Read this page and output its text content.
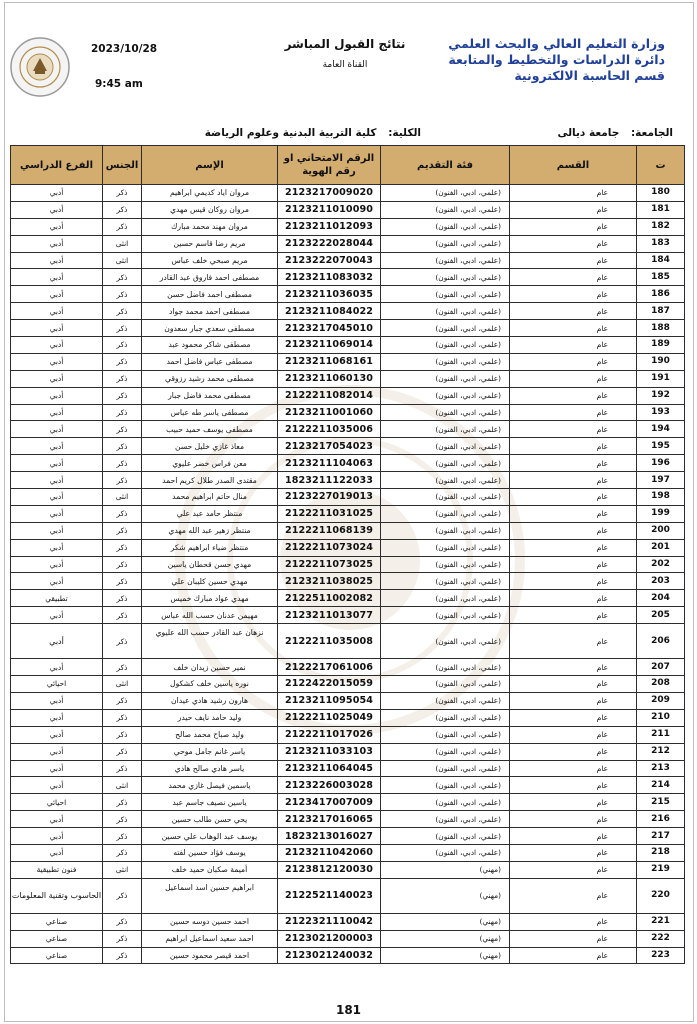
2023/10/28
9:45 am
نتائج القبول المباشر
القناة العامة
وزارة التعليم العالي والبحث العلمي
دائرة الدراسات والتخطيط والمتابعة
قسم الحاسبة الالكترونية
الجامعة: جامعة ديالى
الكلية: كلية التربية البدنية وعلوم الرياضة
ت	القسم	فئة التقديم	الرقم الامتحاني او رقم الهوية	الإسم	الجنس	الفرع الدراسي
180	عام	(علمي، ادبي، الفنون)	2123217009020	مروان اياد كديمي ابراهيم	ذكر	أدبي
181	عام	(علمي، ادبي، الفنون)	2123211010090	مروان روكان قيس مهدي	ذكر	أدبي
182	عام	(علمي، ادبي، الفنون)	2123211012093	مروان مهند محمد مبارك	ذكر	أدبي
183	عام	(علمي، ادبي، الفنون)	2123222028044	مريم رضا قاسم حسين	انثى	أدبي
184	عام	(علمي، ادبي، الفنون)	2123222070043	مريم صبحي خلف عباس	انثى	أدبي
185	عام	(علمي، ادبي، الفنون)	2123211083032	مصطفى احمد فاروق عبد القادر	ذكر	أدبي
186	عام	(علمي، ادبي، الفنون)	2123211036035	مصطفى احمد فاضل حسن	ذكر	أدبي
187	عام	(علمي، ادبي، الفنون)	2123211084022	مصطفى احمد محمد جواد	ذكر	أدبي
188	عام	(علمي، ادبي، الفنون)	2123217045010	مصطفى سعدي جبار سعدون	ذكر	أدبي
189	عام	(علمي، ادبي، الفنون)	2123211069014	مصطفى شاكر محمود عبد	ذكر	أدبي
190	عام	(علمي، ادبي، الفنون)	2123211068161	مصطفى عباس فاضل احمد	ذكر	أدبي
191	عام	(علمي، ادبي، الفنون)	2123211060130	مصطفى محمد رشيد رزوقي	ذكر	أدبي
192	عام	(علمي، ادبي، الفنون)	2122211082014	مصطفى محمد فاضل جبار	ذكر	أدبي
193	عام	(علمي، ادبي، الفنون)	2123211001060	مصطفى ياسر طه عباس	ذكر	أدبي
194	عام	(علمي، ادبي، الفنون)	2122211035006	مصطفى يوسف حميد حبيب	ذكر	أدبي
195	عام	(علمي، ادبي، الفنون)	2123217054023	معاذ غازي خليل حسن	ذكر	أدبي
196	عام	(علمي، ادبي، الفنون)	2123211104063	معن فراس خضر عليوي	ذكر	أدبي
197	عام	(علمي، ادبي، الفنون)	1823211122033	مقتدى الصدر طلال كريم احمد	ذكر	أدبي
198	عام	(علمي، ادبي، الفنون)	2123227019013	منال حاتم ابراهيم محمد	انثى	أدبي
199	عام	(علمي، ادبي، الفنون)	2122211031025	منتظر حامد عبد علي	ذكر	أدبي
200	عام	(علمي، ادبي، الفنون)	2122211068139	منتظر زهير عبد الله مهدي	ذكر	أدبي
201	عام	(علمي، ادبي، الفنون)	2122211073024	منتظر ضياء ابراهيم شكر	ذكر	أدبي
202	عام	(علمي، ادبي، الفنون)	2122211073025	مهدي حسن قحطان ياسين	ذكر	أدبي
203	عام	(علمي، ادبي، الفنون)	2123211038025	مهدي حسين كليبان علي	ذكر	أدبي
204	عام	(علمي، ادبي، الفنون)	2122511002082	مهدي عواد مبارك خميس	ذكر	تطبيقي
205	عام	(علمي، ادبي، الفنون)	2123211013077	مهيمن عدنان حسب الله عباس	ذكر	أدبي
206	عام	(علمي، ادبي، الفنون)	2122211035008	نزهان عبد القادر حسب الله عليوي	ذكر	أدبي
207	عام	(علمي، ادبي، الفنون)	2122217061006	نمير حسين زيدان خلف	ذكر	أدبي
208	عام	(علمي، ادبي، الفنون)	2122422015059	نوره ياسين خلف كشكول	انثى	احيائي
209	عام	(علمي، ادبي، الفنون)	2123211095054	هارون رشيد هادي عيدان	ذكر	أدبي
210	عام	(علمي، ادبي، الفنون)	2122211025049	وليد حامد نايف حيدر	ذكر	أدبي
211	عام	(علمي، ادبي، الفنون)	2122211017026	وليد صباح محمد صالح	ذكر	أدبي
212	عام	(علمي، ادبي، الفنون)	2123211033103	ياسر غانم جامل موحي	ذكر	أدبي
213	عام	(علمي، ادبي، الفنون)	2123211064045	ياسر هادي صالح هادي	ذكر	أدبي
214	عام	(علمي، ادبي، الفنون)	2123226003028	ياسمين فيصل غازي محمد	انثى	أدبي
215	عام	(علمي، ادبي، الفنون)	2123417007009	ياسين نصيف جاسم عبد	ذكر	احيائي
216	عام	(علمي، ادبي، الفنون)	2123217016065	يحي حسن طالب حسين	ذكر	أدبي
217	عام	(علمي، ادبي، الفنون)	1823213016027	يوسف عبد الوهاب علي حسين	ذكر	أدبي
218	عام	(علمي، ادبي، الفنون)	2123211042060	يوسف فؤاد حسين لفته	ذكر	أدبي
219	عام	(مهني)	2123812120030	أميمة صكبان حميد خلف	انثى	فنون تطبيقية
220	عام	(مهني)	2122521140023	ابراهيم حسين اسد اسماعيل	ذكر	الحاسوب وتقنية المعلومات
221	عام	(مهني)	2122321110042	احمد حسين دوسه حسين	ذكر	صناعي
222	عام	(مهني)	2123021200003	احمد سعيد اسماعيل ابراهيم	ذكر	صناعي
223	عام	(مهني)	2123021240032	احمد قيصر محمود حسين	ذكر	صناعي
181
